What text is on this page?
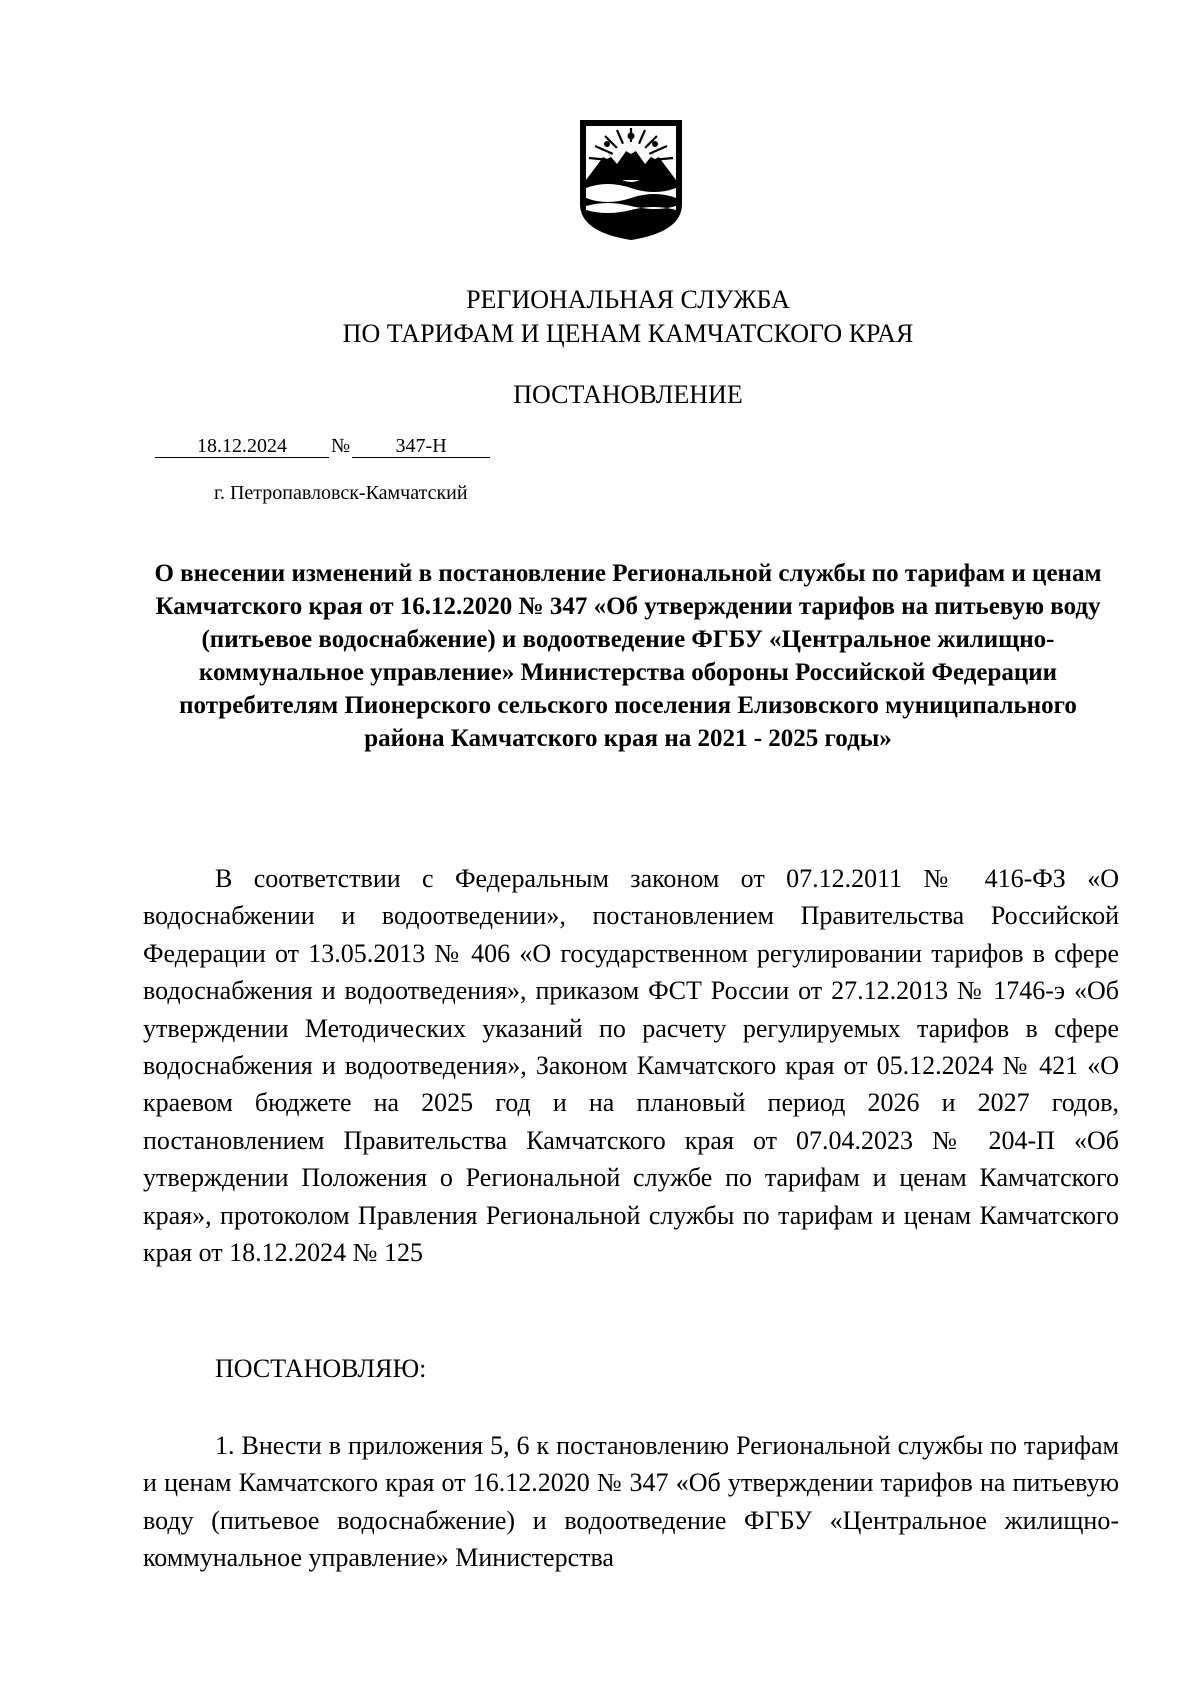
РЕГИОНАЛЬНАЯ СЛУЖБА
ПО ТАРИФАМ И ЦЕНАМ КАМЧАТСКОГО КРАЯ
ПОСТАНОВЛЕНИЕ
18.12.2024 № 347-Н
г. Петропавловск-Камчатский
О внесении изменений в постановление Региональной службы по тарифам и ценам Камчатского края от 16.12.2020 № 347 «Об утверждении тарифов на питьевую воду (питьевое водоснабжение) и водоотведение ФГБУ «Центральное жилищно-коммунальное управление» Министерства обороны Российской Федерации потребителям Пионерского сельского поселения Елизовского муниципального района Камчатского края на 2021 - 2025 годы»

В соответствии с Федеральным законом от 07.12.2011 № 416-ФЗ «О водоснабжении и водоотведении», постановлением Правительства Российской Федерации от 13.05.2013 № 406 «О государственном регулировании тарифов в сфере водоснабжения и водоотведения», приказом ФСТ России от 27.12.2013 № 1746-э «Об утверждении Методических указаний по расчету регулируемых тарифов в сфере водоснабжения и водоотведения», Законом Камчатского края от 05.12.2024 № 421 «О краевом бюджете на 2025 год и на плановый период 2026 и 2027 годов, постановлением Правительства Камчатского края от 07.04.2023 № 204-П «Об утверждении Положения о Региональной службе по тарифам и ценам Камчатского края», протоколом Правления Региональной службы по тарифам и ценам Камчатского края от 18.12.2024 № 125

ПОСТАНОВЛЯЮ:

1. Внести в приложения 5, 6 к постановлению Региональной службы по тарифам и ценам Камчатского края от 16.12.2020 № 347 «Об утверждении тарифов на питьевую воду (питьевое водоснабжение) и водоотведение ФГБУ «Центральное жилищно-коммунальное управление» Министерства
